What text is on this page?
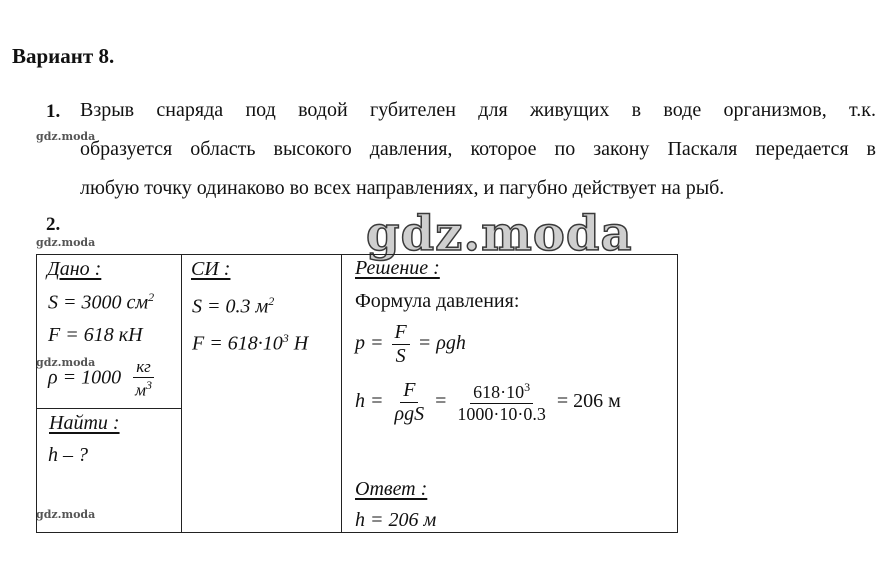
Вариант 8.
1. Взрыв снаряда под водой губителен для живущих в воде организмов, т.к.
образуется область высокого давления, которое по закону Паскаля передается в
любую точку одинаково во всех направлениях, и пагубно действует на рыб.
gdz.moda
gdz.moda
gdz.moda
gdz.moda
gdz.moda
2.
Дано :
S = 3000 $см^2$
F = 618 кН
$\rho = 1000 \frac{кг}{м^3}$
Найти :
h – ?
СИ :
S = 0.3 $м^2$
$F = 618\cdot 10^3$ Н
Решение :
Формула давления:
$p = \frac{F}{S} = \rho gh$
$h = \frac{F}{\text{ρgS}} = \frac{618\cdot 10^3}{1000\cdot 10\cdot 0.3} = 206$ м
Ответ :
h = 206 м
